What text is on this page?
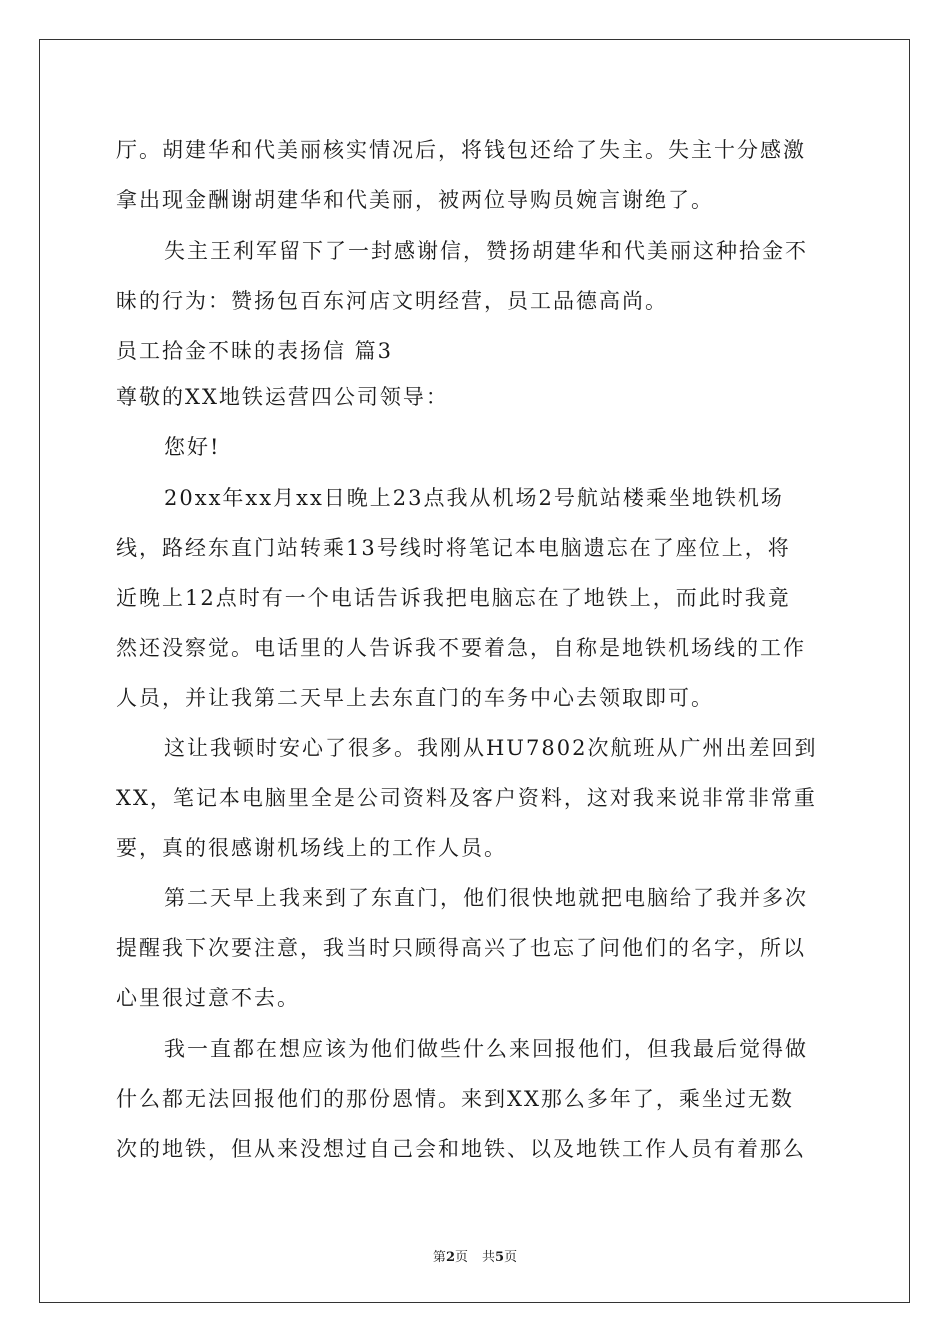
厅。胡建华和代美丽核实情况后，将钱包还给了失主。失主十分感激
拿出现金酬谢胡建华和代美丽，被两位导购员婉言谢绝了。
失主王利军留下了一封感谢信，赞扬胡建华和代美丽这种拾金不
昧的行为：赞扬包百东河店文明经营，员工品德高尚。
员工拾金不昧的表扬信 篇3
尊敬的XX地铁运营四公司领导：
您好!
20xx年xx月xx日晚上23点我从机场2号航站楼乘坐地铁机场
线，路经东直门站转乘13号线时将笔记本电脑遗忘在了座位上，将
近晚上12点时有一个电话告诉我把电脑忘在了地铁上，而此时我竟
然还没察觉。电话里的人告诉我不要着急，自称是地铁机场线的工作
人员，并让我第二天早上去东直门的车务中心去领取即可。
这让我顿时安心了很多。我刚从HU7802次航班从广州出差回到
XX，笔记本电脑里全是公司资料及客户资料，这对我来说非常非常重
要，真的很感谢机场线上的工作人员。
第二天早上我来到了东直门，他们很快地就把电脑给了我并多次
提醒我下次要注意，我当时只顾得高兴了也忘了问他们的名字，所以
心里很过意不去。
我一直都在想应该为他们做些什么来回报他们，但我最后觉得做
什么都无法回报他们的那份恩情。来到XX那么多年了，乘坐过无数
次的地铁，但从来没想过自己会和地铁、以及地铁工作人员有着那么
第2页 共5页
